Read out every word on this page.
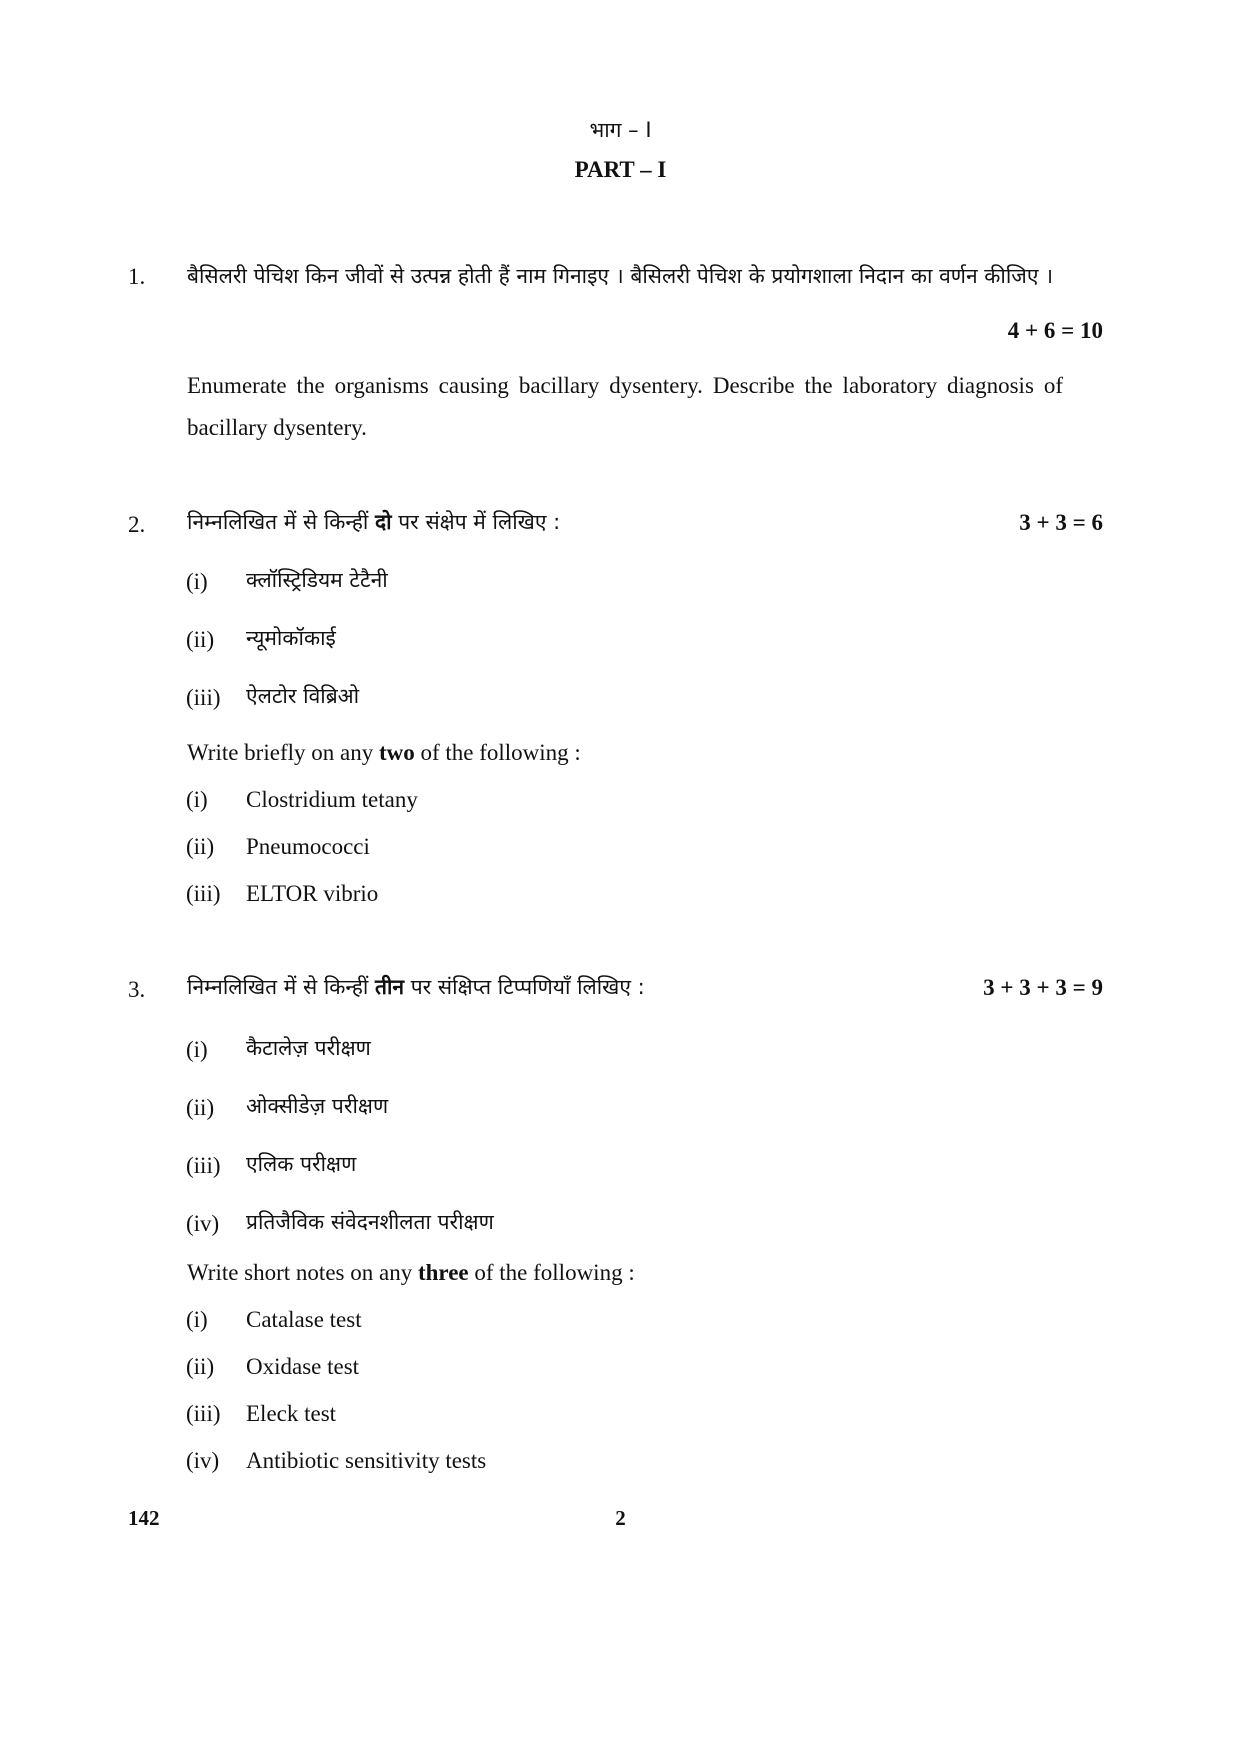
भाग – I
PART – I
1. बैसिलरी पेचिश किन जीवों से उत्पन्न होती हैं नाम गिनाइए । बैसिलरी पेचिश के प्रयोगशाला निदान का वर्णन कीजिए ।
4 + 6 = 10
Enumerate the organisms causing bacillary dysentery. Describe the laboratory diagnosis of bacillary dysentery.
2. निम्नलिखित में से किन्हीं दो पर संक्षेप में लिखिए :	3 + 3 = 6
(i) क्लॉस्ट्रिडियम टेटैनी
(ii) न्यूमोकॉकाई
(iii) ऐलटोर विब्रिओ
Write briefly on any two of the following :
(i) Clostridium tetany
(ii) Pneumococci
(iii) ELTOR vibrio
3. निम्नलिखित में से किन्हीं तीन पर संक्षिप्त टिप्पणियाँ लिखिए :	3 + 3 + 3 = 9
(i) कैटालेज़ परीक्षण
(ii) ओक्सीडेज़ परीक्षण
(iii) एलिक परीक्षण
(iv) प्रतिजैविक संवेदनशीलता परीक्षण
Write short notes on any three of the following :
(i) Catalase test
(ii) Oxidase test
(iii) Eleck test
(iv) Antibiotic sensitivity tests
142	2
